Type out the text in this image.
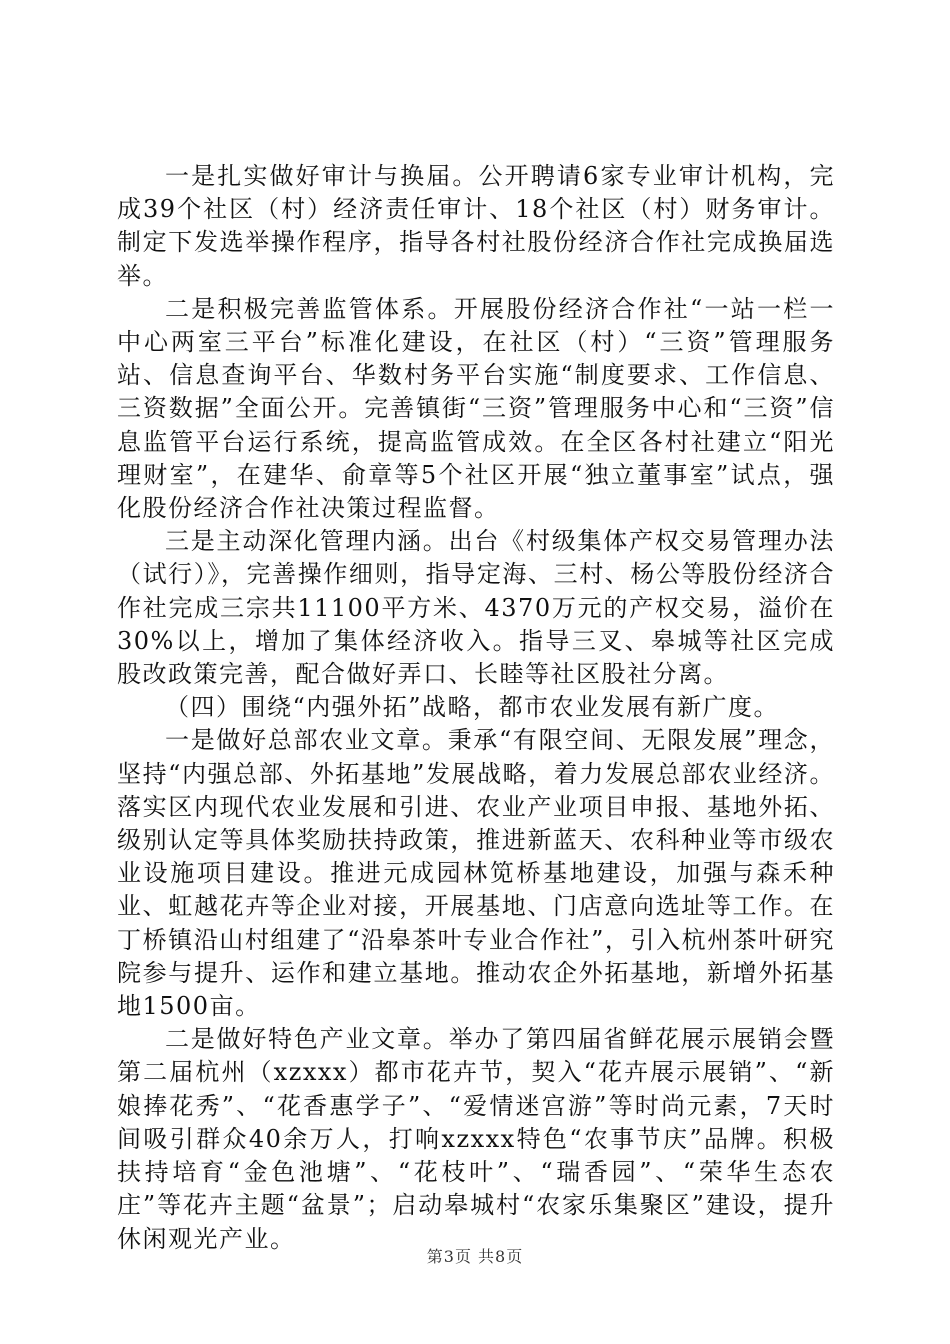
一是扎实做好审计与换届。公开聘请6家专业审计机构，完成39个社区（村）经济责任审计、18个社区（村）财务审计。制定下发选举操作程序，指导各村社股份经济合作社完成换届选举。

二是积极完善监管体系。开展股份经济合作社“一站一栏一中心两室三平台”标准化建设，在社区（村）“三资”管理服务站、信息查询平台、华数村务平台实施“制度要求、工作信息、三资数据”全面公开。完善镇街“三资”管理服务中心和“三资”信息监管平台运行系统，提高监管成效。在全区各村社建立“阳光理财室”，在建华、俞章等5个社区开展“独立董事室”试点，强化股份经济合作社决策过程监督。

三是主动深化管理内涵。出台《村级集体产权交易管理办法（试行）》，完善操作细则，指导定海、三村、杨公等股份经济合作社完成三宗共11100平方米、4370万元的产权交易，溢价在30%以上，增加了集体经济收入。指导三叉、皋城等社区完成股改政策完善，配合做好弄口、长睦等社区股社分离。

（四）围绕“内强外拓”战略，都市农业发展有新广度。

一是做好总部农业文章。秉承“有限空间、无限发展”理念，坚持“内强总部、外拓基地”发展战略，着力发展总部农业经济。落实区内现代农业发展和引进、农业产业项目申报、基地外拓、级别认定等具体奖励扶持政策，推进新蓝天、农科种业等市级农业设施项目建设。推进元成园林笕桥基地建设，加强与森禾种业、虹越花卉等企业对接，开展基地、门店意向选址等工作。在丁桥镇沿山村组建了“沿皋茶叶专业合作社”，引入杭州茶叶研究院参与提升、运作和建立基地。推动农企外拓基地，新增外拓基地1500亩。

二是做好特色产业文章。举办了第四届省鲜花展示展销会暨第二届杭州（xzxxx）都市花卉节，契入“花卉展示展销”、“新娘捧花秀”、“花香惠学子”、“爱情迷宫游”等时尚元素，7天时间吸引群众40余万人，打响xzxxx特色“农事节庆”品牌。积极扶持培育“金色池塘”、“花枝叶”、“瑞香园”、“荣华生态农庄”等花卉主题“盆景”；启动皋城村“农家乐集聚区”建设，提升休闲观光产业。

第3页 共8页
